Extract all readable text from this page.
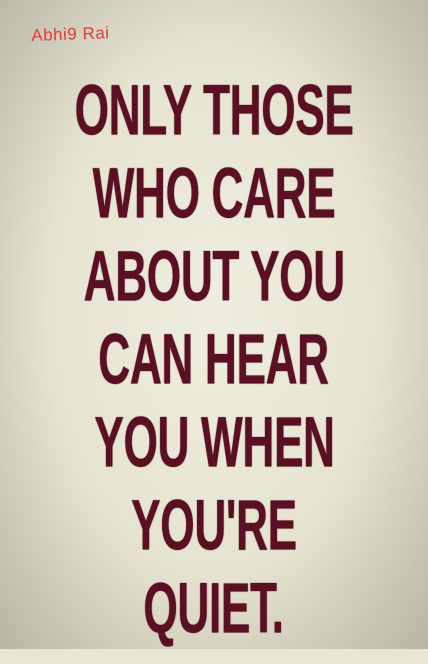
Abhi9 Rai
ONLY THOSE
WHO CARE
ABOUT YOU
CAN HEAR
YOU WHEN
YOU'RE
QUIET.
